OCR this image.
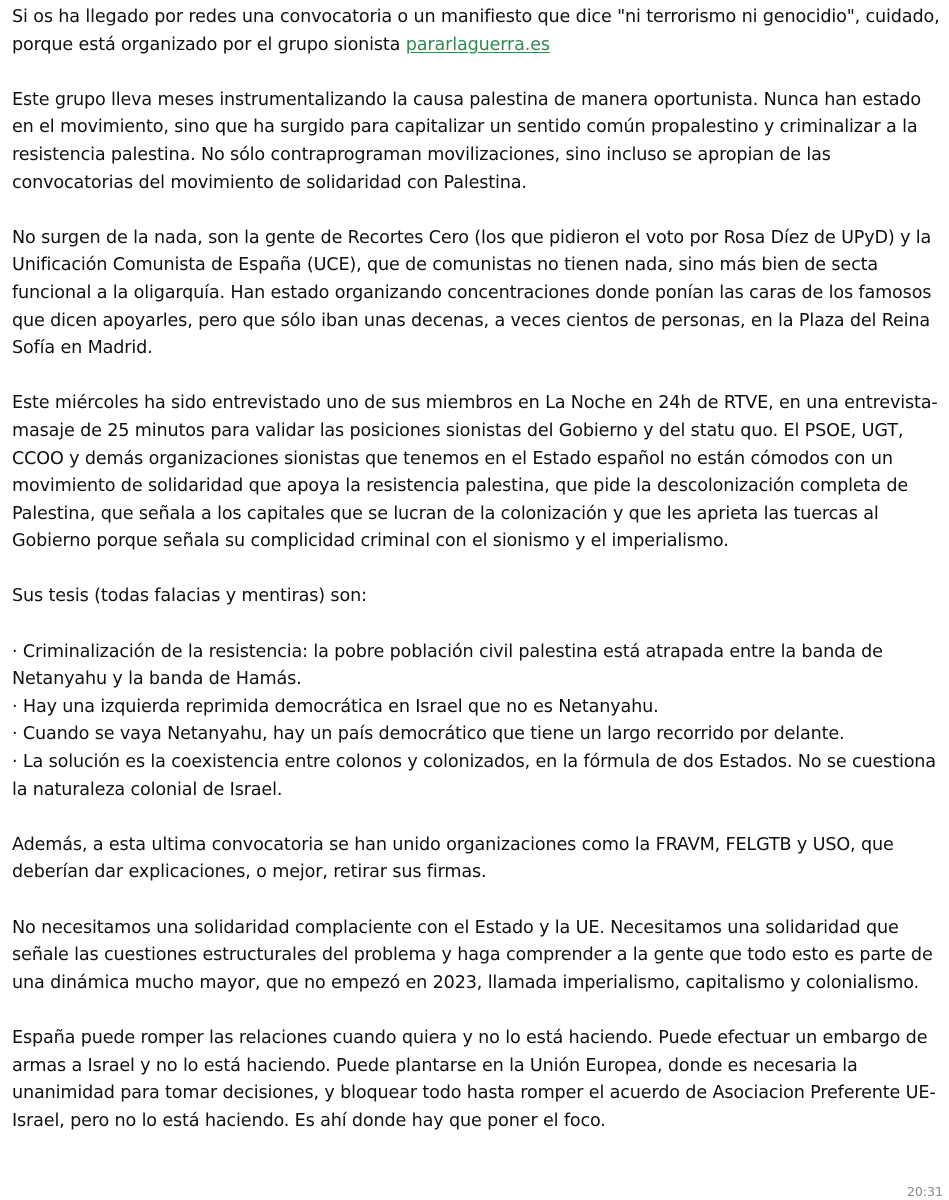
Si os ha llegado por redes una convocatoria o un manifiesto que dice "ni terrorismo ni genocidio", cuidado, porque está organizado por el grupo sionista pararlaguerra.es

Este grupo lleva meses instrumentalizando la causa palestina de manera oportunista. Nunca han estado en el movimiento, sino que ha surgido para capitalizar un sentido común propalestino y criminalizar a la resistencia palestina. No sólo contraprograman movilizaciones, sino incluso se apropian de las convocatorias del movimiento de solidaridad con Palestina.

No surgen de la nada, son la gente de Recortes Cero (los que pidieron el voto por Rosa Díez de UPyD) y la Unificación Comunista de España (UCE), que de comunistas no tienen nada, sino más bien de secta funcional a la oligarquía. Han estado organizando concentraciones donde ponían las caras de los famosos que dicen apoyarles, pero que sólo iban unas decenas, a veces cientos de personas, en la Plaza del Reina Sofía en Madrid.

Este miércoles ha sido entrevistado uno de sus miembros en La Noche en 24h de RTVE, en una entrevista-masaje de 25 minutos para validar las posiciones sionistas del Gobierno y del statu quo. El PSOE, UGT, CCOO y demás organizaciones sionistas que tenemos en el Estado español no están cómodos con un movimiento de solidaridad que apoya la resistencia palestina, que pide la descolonización completa de Palestina, que señala a los capitales que se lucran de la colonización y que les aprieta las tuercas al Gobierno porque señala su complicidad criminal con el sionismo y el imperialismo.

Sus tesis (todas falacias y mentiras) son:

· Criminalización de la resistencia: la pobre población civil palestina está atrapada entre la banda de Netanyahu y la banda de Hamás.
· Hay una izquierda reprimida democrática en Israel que no es Netanyahu.
· Cuando se vaya Netanyahu, hay un país democrático que tiene un largo recorrido por delante.
· La solución es la coexistencia entre colonos y colonizados, en la fórmula de dos Estados. No se cuestiona la naturaleza colonial de Israel.

Además, a esta ultima convocatoria se han unido organizaciones como la FRAVM, FELGTB y USO, que deberían dar explicaciones, o mejor, retirar sus firmas.

No necesitamos una solidaridad complaciente con el Estado y la UE. Necesitamos una solidaridad que señale las cuestiones estructurales del problema y haga comprender a la gente que todo esto es parte de una dinámica mucho mayor, que no empezó en 2023, llamada imperialismo, capitalismo y colonialismo.

España puede romper las relaciones cuando quiera y no lo está haciendo. Puede efectuar un embargo de armas a Israel y no lo está haciendo. Puede plantarse en la Unión Europea, donde es necesaria la unanimidad para tomar decisiones, y bloquear todo hasta romper el acuerdo de Asociacion Preferente UE-Israel, pero no lo está haciendo. Es ahí donde hay que poner el foco.

20:31
